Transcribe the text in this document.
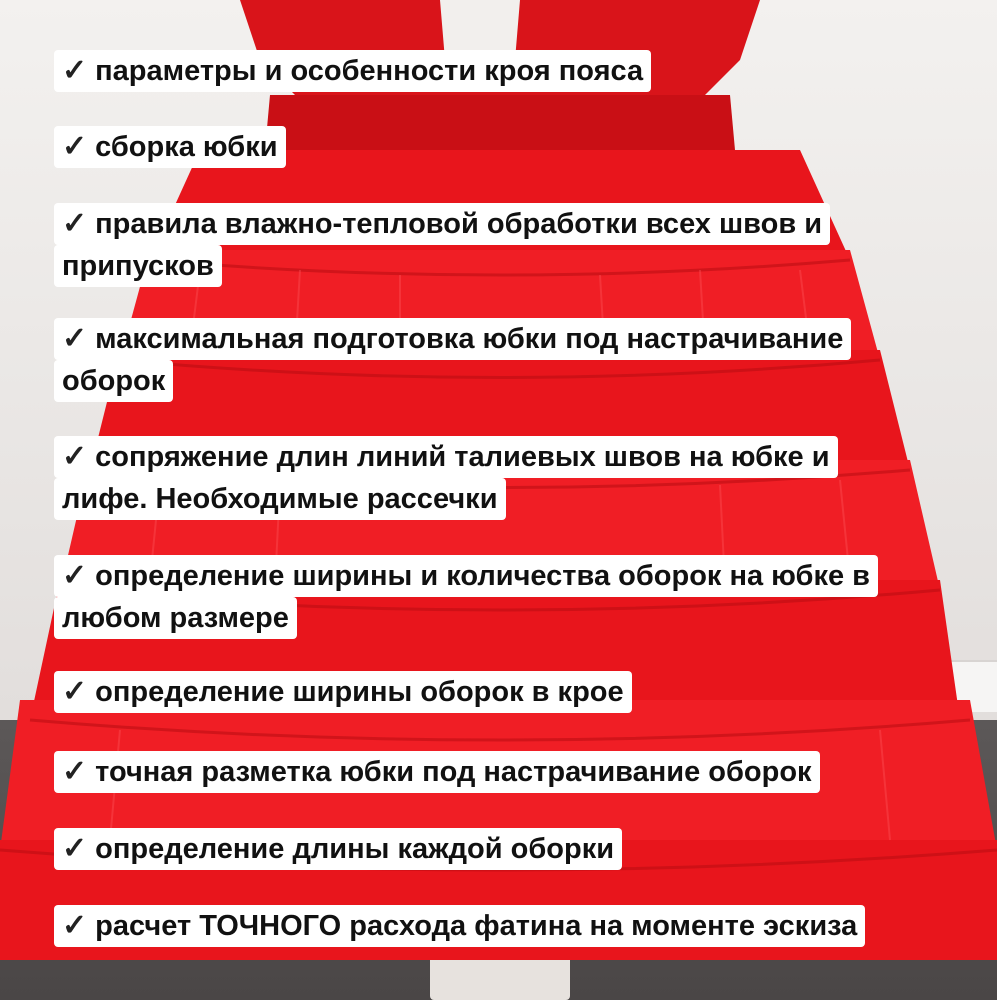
✓ параметры и особенности кроя пояса
✓ сборка юбки
✓ правила влажно-тепловой обработки всех швов и
припусков
✓ максимальная подготовка юбки под настрачивание
оборок
✓ сопряжение длин линий талиевых швов на юбке и
лифе. Необходимые рассечки
✓ определение ширины и количества оборок на юбке в
любом размере
✓ определение ширины оборок в крое
✓ точная разметка юбки под настрачивание оборок
✓ определение длины каждой оборки
✓ расчет ТОЧНОГО расхода фатина на моменте эскиза
